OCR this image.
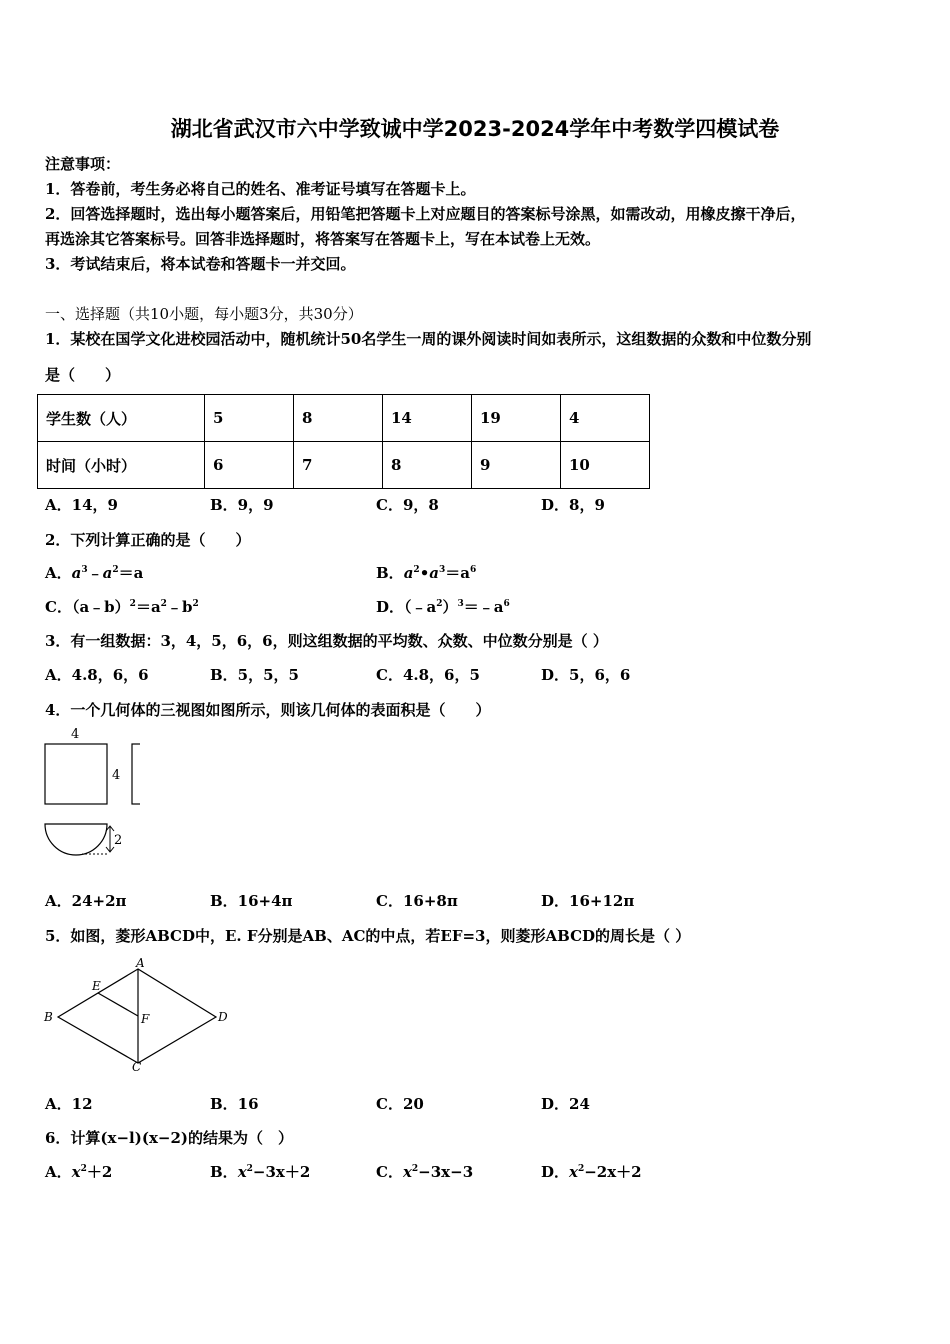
湖北省武汉市六中学致诚中学2023-2024学年中考数学四模试卷
注意事项：
1．答卷前，考生务必将自己的姓名、准考证号填写在答题卡上。
2．回答选择题时，选出每小题答案后，用铅笔把答题卡上对应题目的答案标号涂黑，如需改动，用橡皮擦干净后，
再选涂其它答案标号。回答非选择题时，将答案写在答题卡上，写在本试卷上无效。
3．考试结束后，将本试卷和答题卡一并交回。
一、选择题（共10小题，每小题3分，共30分）
1．某校在国学文化进校园活动中，随机统计50名学生一周的课外阅读时间如表所示，这组数据的众数和中位数分别
是（　　）
学生数（人）	5	8	14	19	4
时间（小时）	6	7	8	9	10
A．14，9	B．9，9	C．9，8	D．8，9
2．下列计算正确的是（　　）
A．$a^3﹣a^2=a$	B．$a^2•a^3=a^6$
C．$(a﹣b)^2=a^2﹣b^2$	D．$(﹣a^2)^3=﹣a^6$
3．有一组数据：3，4，5，6，6，则这组数据的平均数、众数、中位数分别是（ ）
A．4.8，6，6	B．5，5，5	C．4.8，6，5	D．5，6，6
4．一个几何体的三视图如图所示，则该几何体的表面积是（　　）
4
4
2
A．24+2π	B．16+4π	C．16+8π	D．16+12π
5．如图，菱形ABCD中，E. F分别是AB、AC的中点，若EF=3，则菱形ABCD的周长是（ ）
A
B
C
D
E
F
A．12	B．16	C．20	D．24
6．计算(x−l)(x−2)的结果为（　）
A．$x^2+2$	B．$x^2-3x+2$	C．$x^2-3x-3$	D．$x^2-2x+2$
